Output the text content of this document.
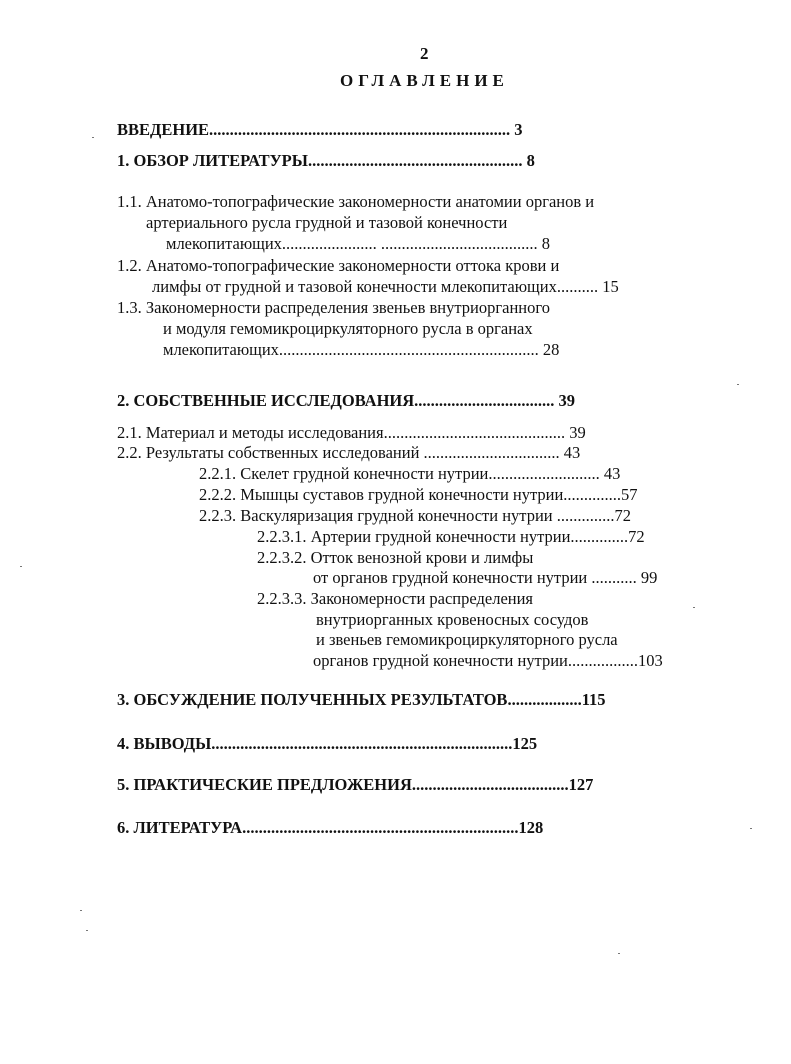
2
ОГЛАВЛЕНИЕ
ВВЕДЕНИЕ......................................................................... 3
1. ОБЗОР ЛИТЕРАТУРЫ.................................................... 8
1.1. Анатомо-топографические закономерности анатомии органов и
артериального русла грудной и тазовой конечности
млекопитающих....................... ...................................... 8
1.2. Анатомо-топографические закономерности оттока крови и
лимфы от грудной и тазовой конечности млекопитающих.......... 15
1.3. Закономерности распределения звеньев внутриорганного
и модуля гемомикроциркуляторного русла в органах
млекопитающих............................................................... 28
2. СОБСТВЕННЫЕ ИССЛЕДОВАНИЯ.................................. 39
2.1. Материал и методы исследования............................................ 39
2.2. Результаты собственных исследований ................................. 43
2.2.1. Скелет грудной конечности нутрии........................... 43
2.2.2. Мышцы суставов грудной конечности нутрии..............57
2.2.3. Васкуляризация грудной конечности нутрии ..............72
2.2.3.1. Артерии грудной конечности нутрии..............72
2.2.3.2. Отток венозной крови и лимфы
от органов грудной конечности нутрии ........... 99
2.2.3.3. Закономерности распределения
внутриорганных кровеносных сосудов
и звеньев гемомикроциркуляторного русла
органов грудной конечности нутрии.................103
3. ОБСУЖДЕНИЕ ПОЛУЧЕННЫХ РЕЗУЛЬТАТОВ..................115
4. ВЫВОДЫ.........................................................................125
5. ПРАКТИЧЕСКИЕ ПРЕДЛОЖЕНИЯ......................................127
6. ЛИТЕРАТУРА...................................................................128
